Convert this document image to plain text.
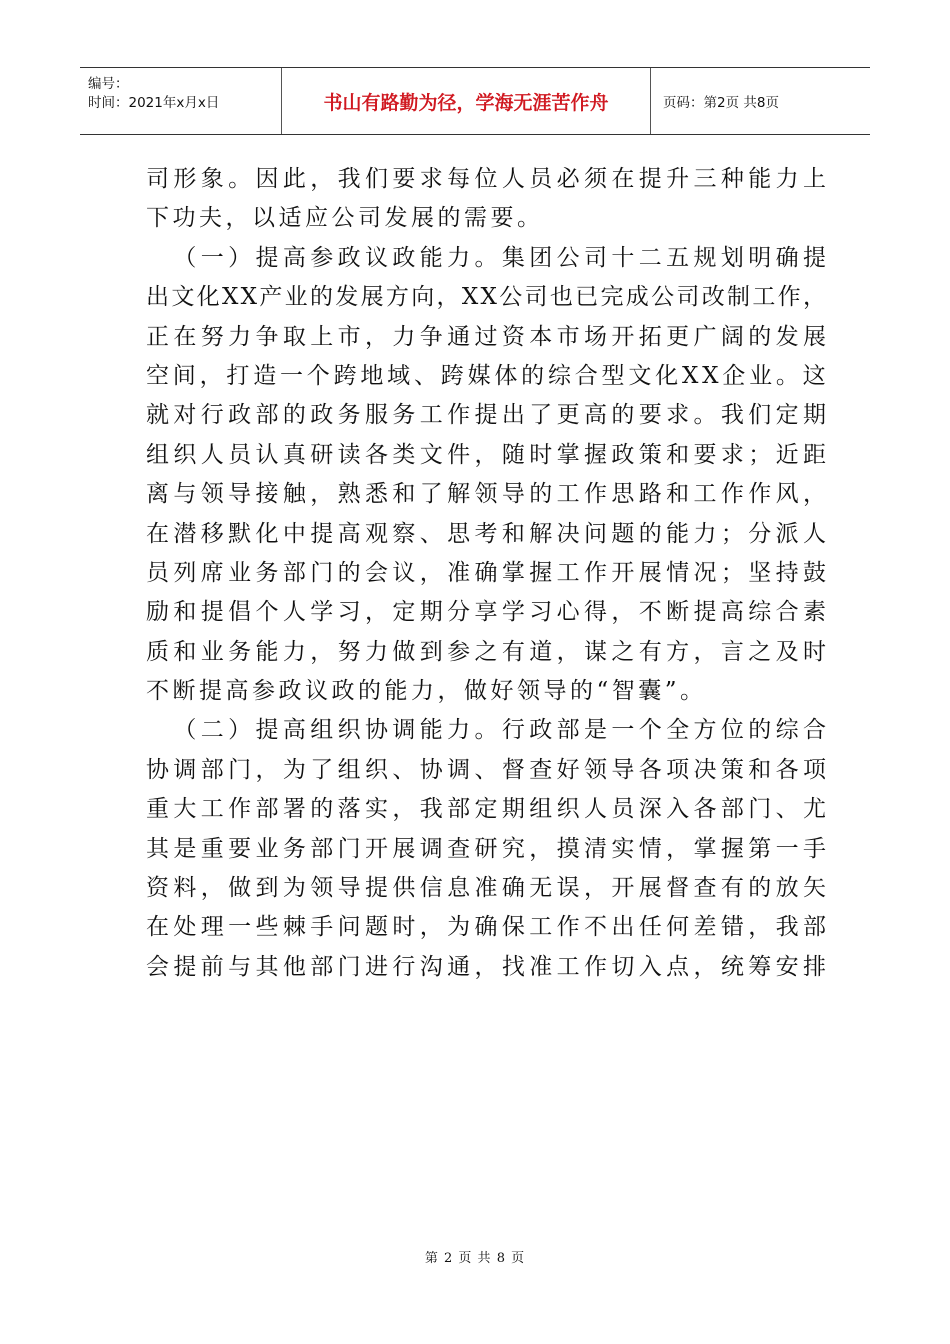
编号：
时间：2021年x月x日	书山有路勤为径，学海无涯苦作舟	页码：第2页 共8页
司 形 象 。 因 此 ， 我 们 要 求 每 位 人 员 必 须 在 提 升 三 种 能 力 上
下功夫，以适应公司发展的需要。

（ 一 ） 提 高 参 政 议 政 能 力 。 集 团 公 司 十 二 五 规 划 明 确 提
出 文 化 X X 产 业 的 发 展 方 向 ， X X 公 司 也 已 完 成 公 司 改 制 工 作 ，
正 在 努 力 争 取 上 市 ， 力 争 通 过 资 本 市 场 开 拓 更 广 阔 的 发 展
空 间 ， 打 造 一 个 跨 地 域 、 跨 媒 体 的 综 合 型 文 化 X X 企 业 。 这
就 对 行 政 部 的 政 务 服 务 工 作 提 出 了 更 高 的 要 求 。 我 们 定 期
组 织 人 员 认 真 研 读 各 类 文 件 ， 随 时 掌 握 政 策 和 要 求 ； 近 距
离 与 领 导 接 触 ， 熟 悉 和 了 解 领 导 的 工 作 思 路 和 工 作 作 风 ，
在 潜 移 默 化 中 提 高 观 察 、 思 考 和 解 决 问 题 的 能 力 ； 分 派 人
员 列 席 业 务 部 门 的 会 议 ， 准 确 掌 握 工 作 开 展 情 况 ； 坚 持 鼓
励 和 提 倡 个 人 学 习 ， 定 期 分 享 学 习 心 得 ， 不 断 提 高 综 合 素
质 和 业 务 能 力 ， 努 力 做 到 参 之 有 道 ， 谋 之 有 方 ， 言 之 及 时
不断提高参政议政的能力，做好领导的“智囊”。

（ 二 ） 提 高 组 织 协 调 能 力 。 行 政 部 是 一 个 全 方 位 的 综 合
协 调 部 门 ， 为 了 组 织 、 协 调 、 督 查 好 领 导 各 项 决 策 和 各 项
重 大 工 作 部 署 的 落 实 ， 我 部 定 期 组 织 人 员 深 入 各 部 门 、 尤
其 是 重 要 业 务 部 门 开 展 调 查 研 究 ， 摸 清 实 情 ， 掌 握 第 一 手
资 料 ， 做 到 为 领 导 提 供 信 息 准 确 无 误 ， 开 展 督 查 有 的 放 矢
在 处 理 一 些 棘 手 问 题 时 ， 为 确 保 工 作 不 出 任 何 差 错 ， 我 部
会 提 前 与 其 他 部 门 进 行 沟 通 ， 找 准 工 作 切 入 点 ， 统 筹 安 排
第 2 页 共 8 页
